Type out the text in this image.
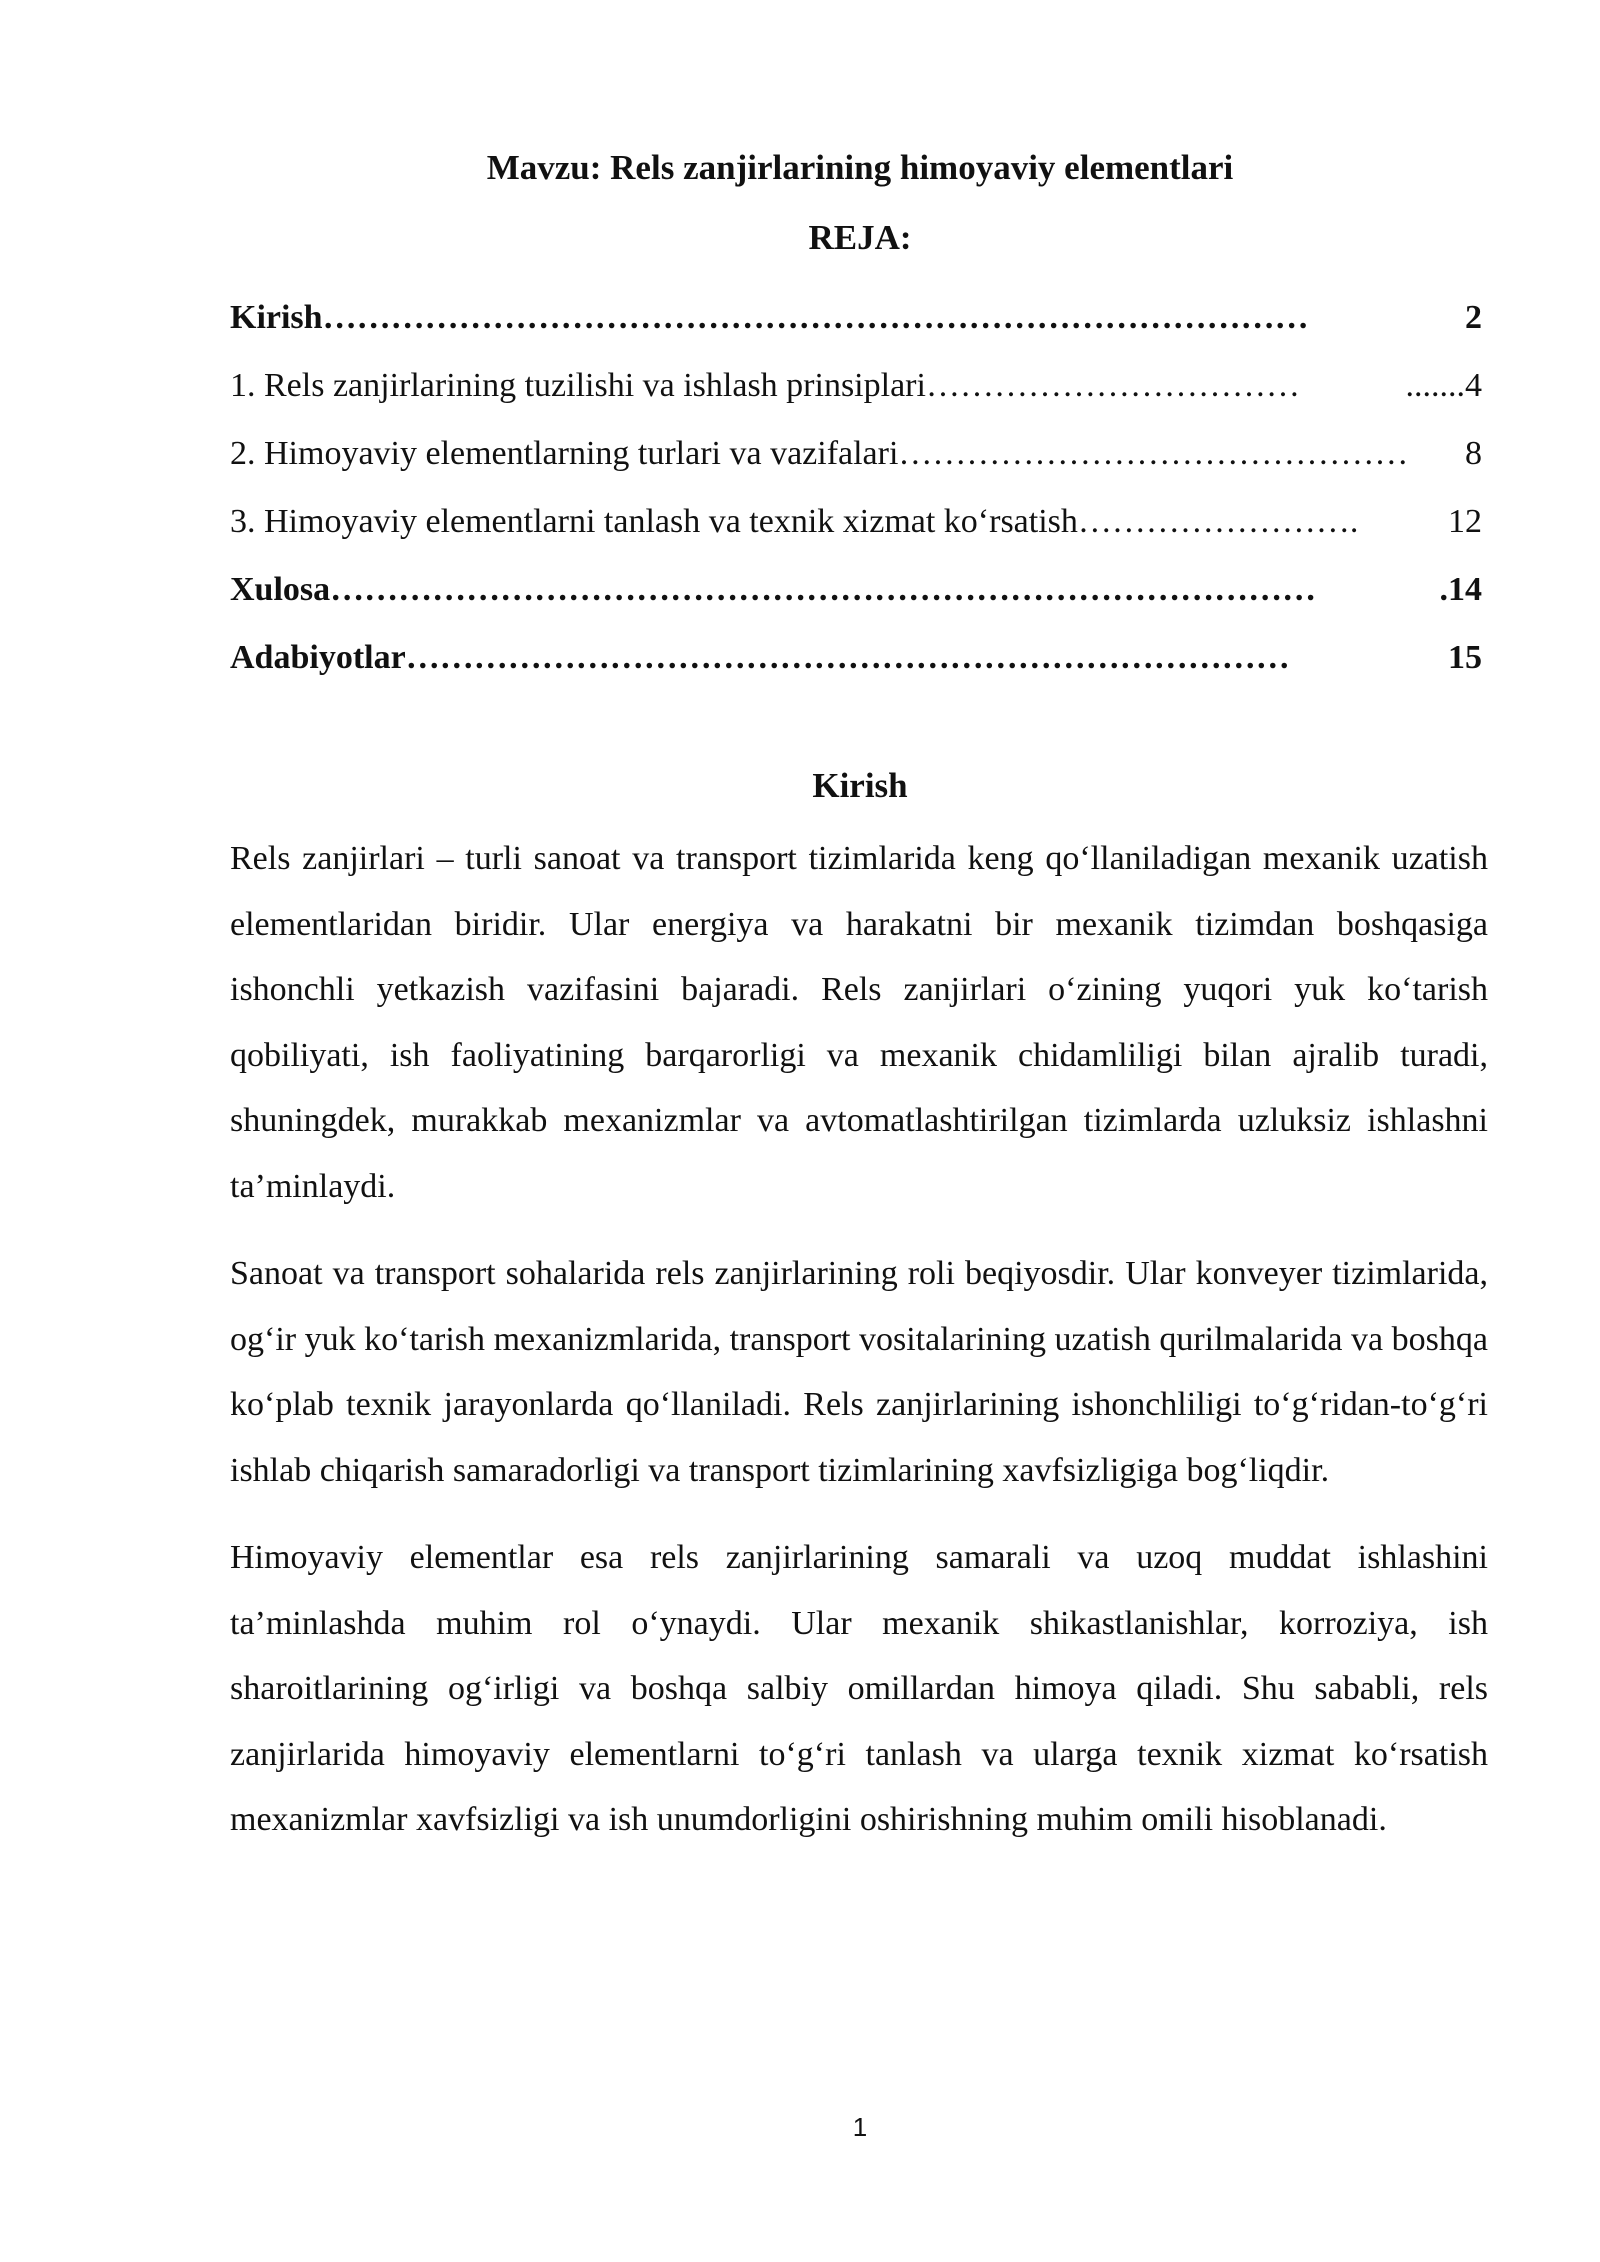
Mavzu: Rels zanjirlarining himoyaviy elementlari
REJA:
Kirish ……………………………………………………………………………	2
1. Rels zanjirlarining tuzilishi va ishlash prinsiplari ……………………………	.......4
2. Himoyaviy elementlarning turlari va vazifalari ………………………………………	8
3. Himoyaviy elementlarni tanlash va texnik xizmat ko‘rsatish …………………….	12
Xulosa ……………………………………………………………………………	.14
Adabiyotlar ……………………………………………………………………	15
Kirish

Rels zanjirlari – turli sanoat va transport tizimlarida keng qo‘llaniladigan mexanik uzatish elementlaridan biridir. Ular energiya va harakatni bir mexanik tizimdan boshqasiga ishonchli yetkazish vazifasini bajaradi. Rels zanjirlari o‘zining yuqori yuk ko‘tarish qobiliyati, ish faoliyatining barqarorligi va mexanik chidamliligi bilan ajralib turadi, shuningdek, murakkab mexanizmlar va avtomatlashtirilgan tizimlarda uzluksiz ishlashni ta’minlaydi.

Sanoat va transport sohalarida rels zanjirlarining roli beqiyosdir. Ular konveyer tizimlarida, og‘ir yuk ko‘tarish mexanizmlarida, transport vositalarining uzatish qurilmalarida va boshqa ko‘plab texnik jarayonlarda qo‘llaniladi. Rels zanjirlarining ishonchliligi to‘g‘ridan-to‘g‘ri ishlab chiqarish samaradorligi va transport tizimlarining xavfsizligiga bog‘liqdir.

Himoyaviy elementlar esa rels zanjirlarining samarali va uzoq muddat ishlashini ta’minlashda muhim rol o‘ynaydi. Ular mexanik shikastlanishlar, korroziya, ish sharoitlarining og‘irligi va boshqa salbiy omillardan himoya qiladi. Shu sababli, rels zanjirlarida himoyaviy elementlarni to‘g‘ri tanlash va ularga texnik xizmat ko‘rsatish mexanizmlar xavfsizligi va ish unumdorligini oshirishning muhim omili hisoblanadi.

1
